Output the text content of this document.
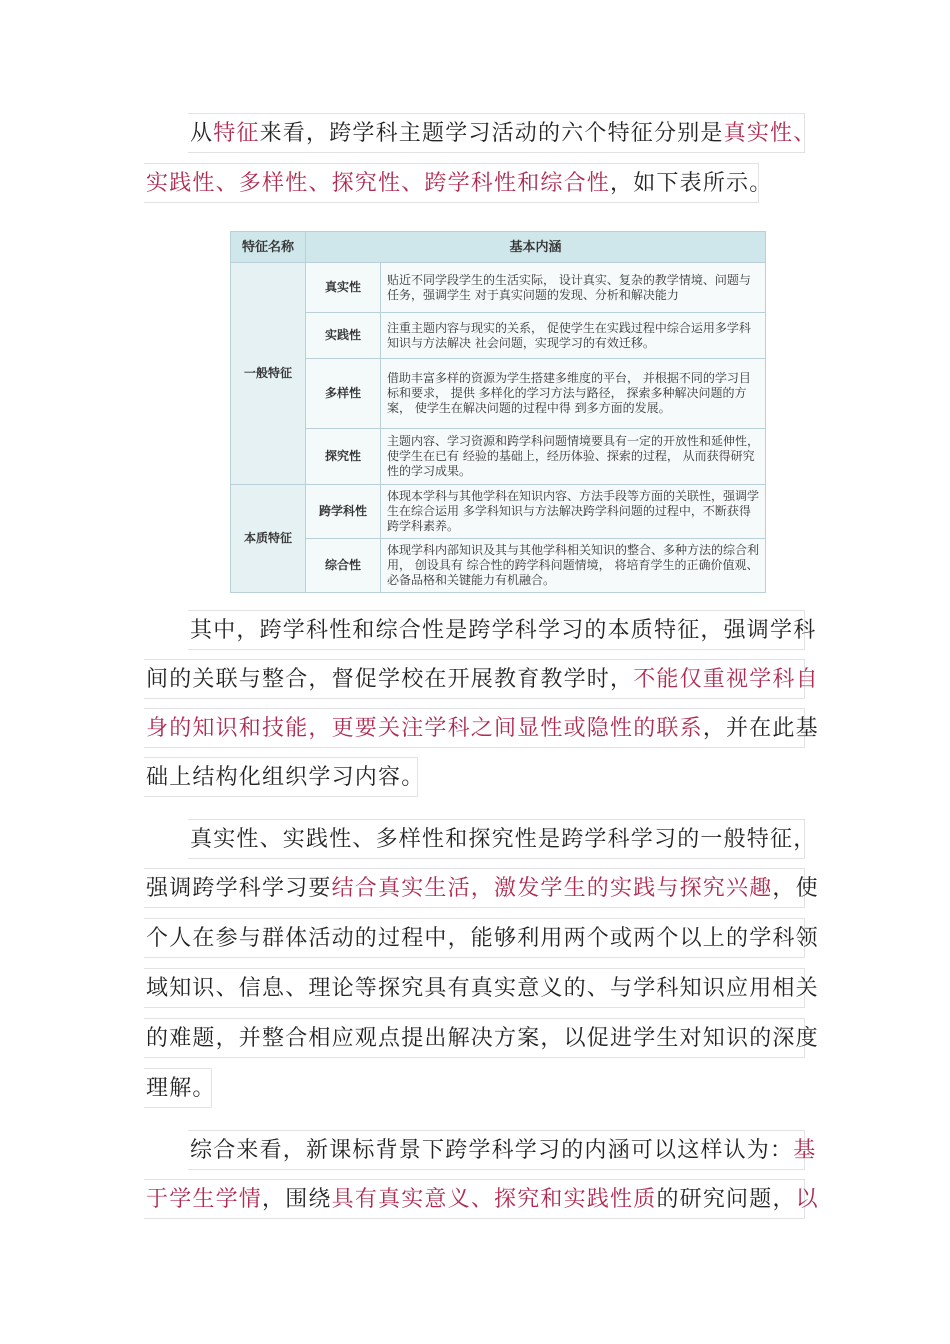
从特征来看，跨学科主题学习活动的六个特征分别是真实性、
实践性、多样性、探究性、跨学科性和综合性，如下表所示。
特征名称	基本内涵	
一般特征	真实性	贴近不同学段学生的生活实际， 设计真实、复杂的教学情境、问题与任务，强调学生 对于真实问题的发现、分析和解决能力
	实践性	注重主题内容与现实的关系， 促使学生在实践过程中综合运用多学科知识与方法解决 社会问题，实现学习的有效迁移。
	多样性	借助丰富多样的资源为学生搭建多维度的平台， 并根据不同的学习目标和要求， 提供 多样化的学习方法与路径， 探索多种解决问题的方案， 使学生在解决问题的过程中得 到多方面的发展。
	探究性	主题内容、学习资源和跨学科问题情境要具有一定的开放性和延伸性， 使学生在已有 经验的基础上，经历体验、探索的过程， 从而获得研究性的学习成果。
本质特征	跨学科性	体现本学科与其他学科在知识内容、方法手段等方面的关联性，强调学生在综合运用 多学科知识与方法解决跨学科问题的过程中，不断获得跨学科素养。
	综合性	体现学科内部知识及其与其他学科相关知识的整合、多种方法的综合利用， 创设具有 综合性的跨学科问题情境， 将培育学生的正确价值观、必备品格和关键能力有机融合。
其中，跨学科性和综合性是跨学科学习的本质特征，强调学科
间的关联与整合，督促学校在开展教育教学时，不能仅重视学科自
身的知识和技能，更要关注学科之间显性或隐性的联系，并在此基
础上结构化组织学习内容。
真实性、实践性、多样性和探究性是跨学科学习的一般特征，
强调跨学科学习要结合真实生活，激发学生的实践与探究兴趣，使
个人在参与群体活动的过程中，能够利用两个或两个以上的学科领
域知识、信息、理论等探究具有真实意义的、与学科知识应用相关
的难题，并整合相应观点提出解决方案，以促进学生对知识的深度
理解。
综合来看，新课标背景下跨学科学习的内涵可以这样认为：基
于学生学情，围绕具有真实意义、探究和实践性质的研究问题，以
